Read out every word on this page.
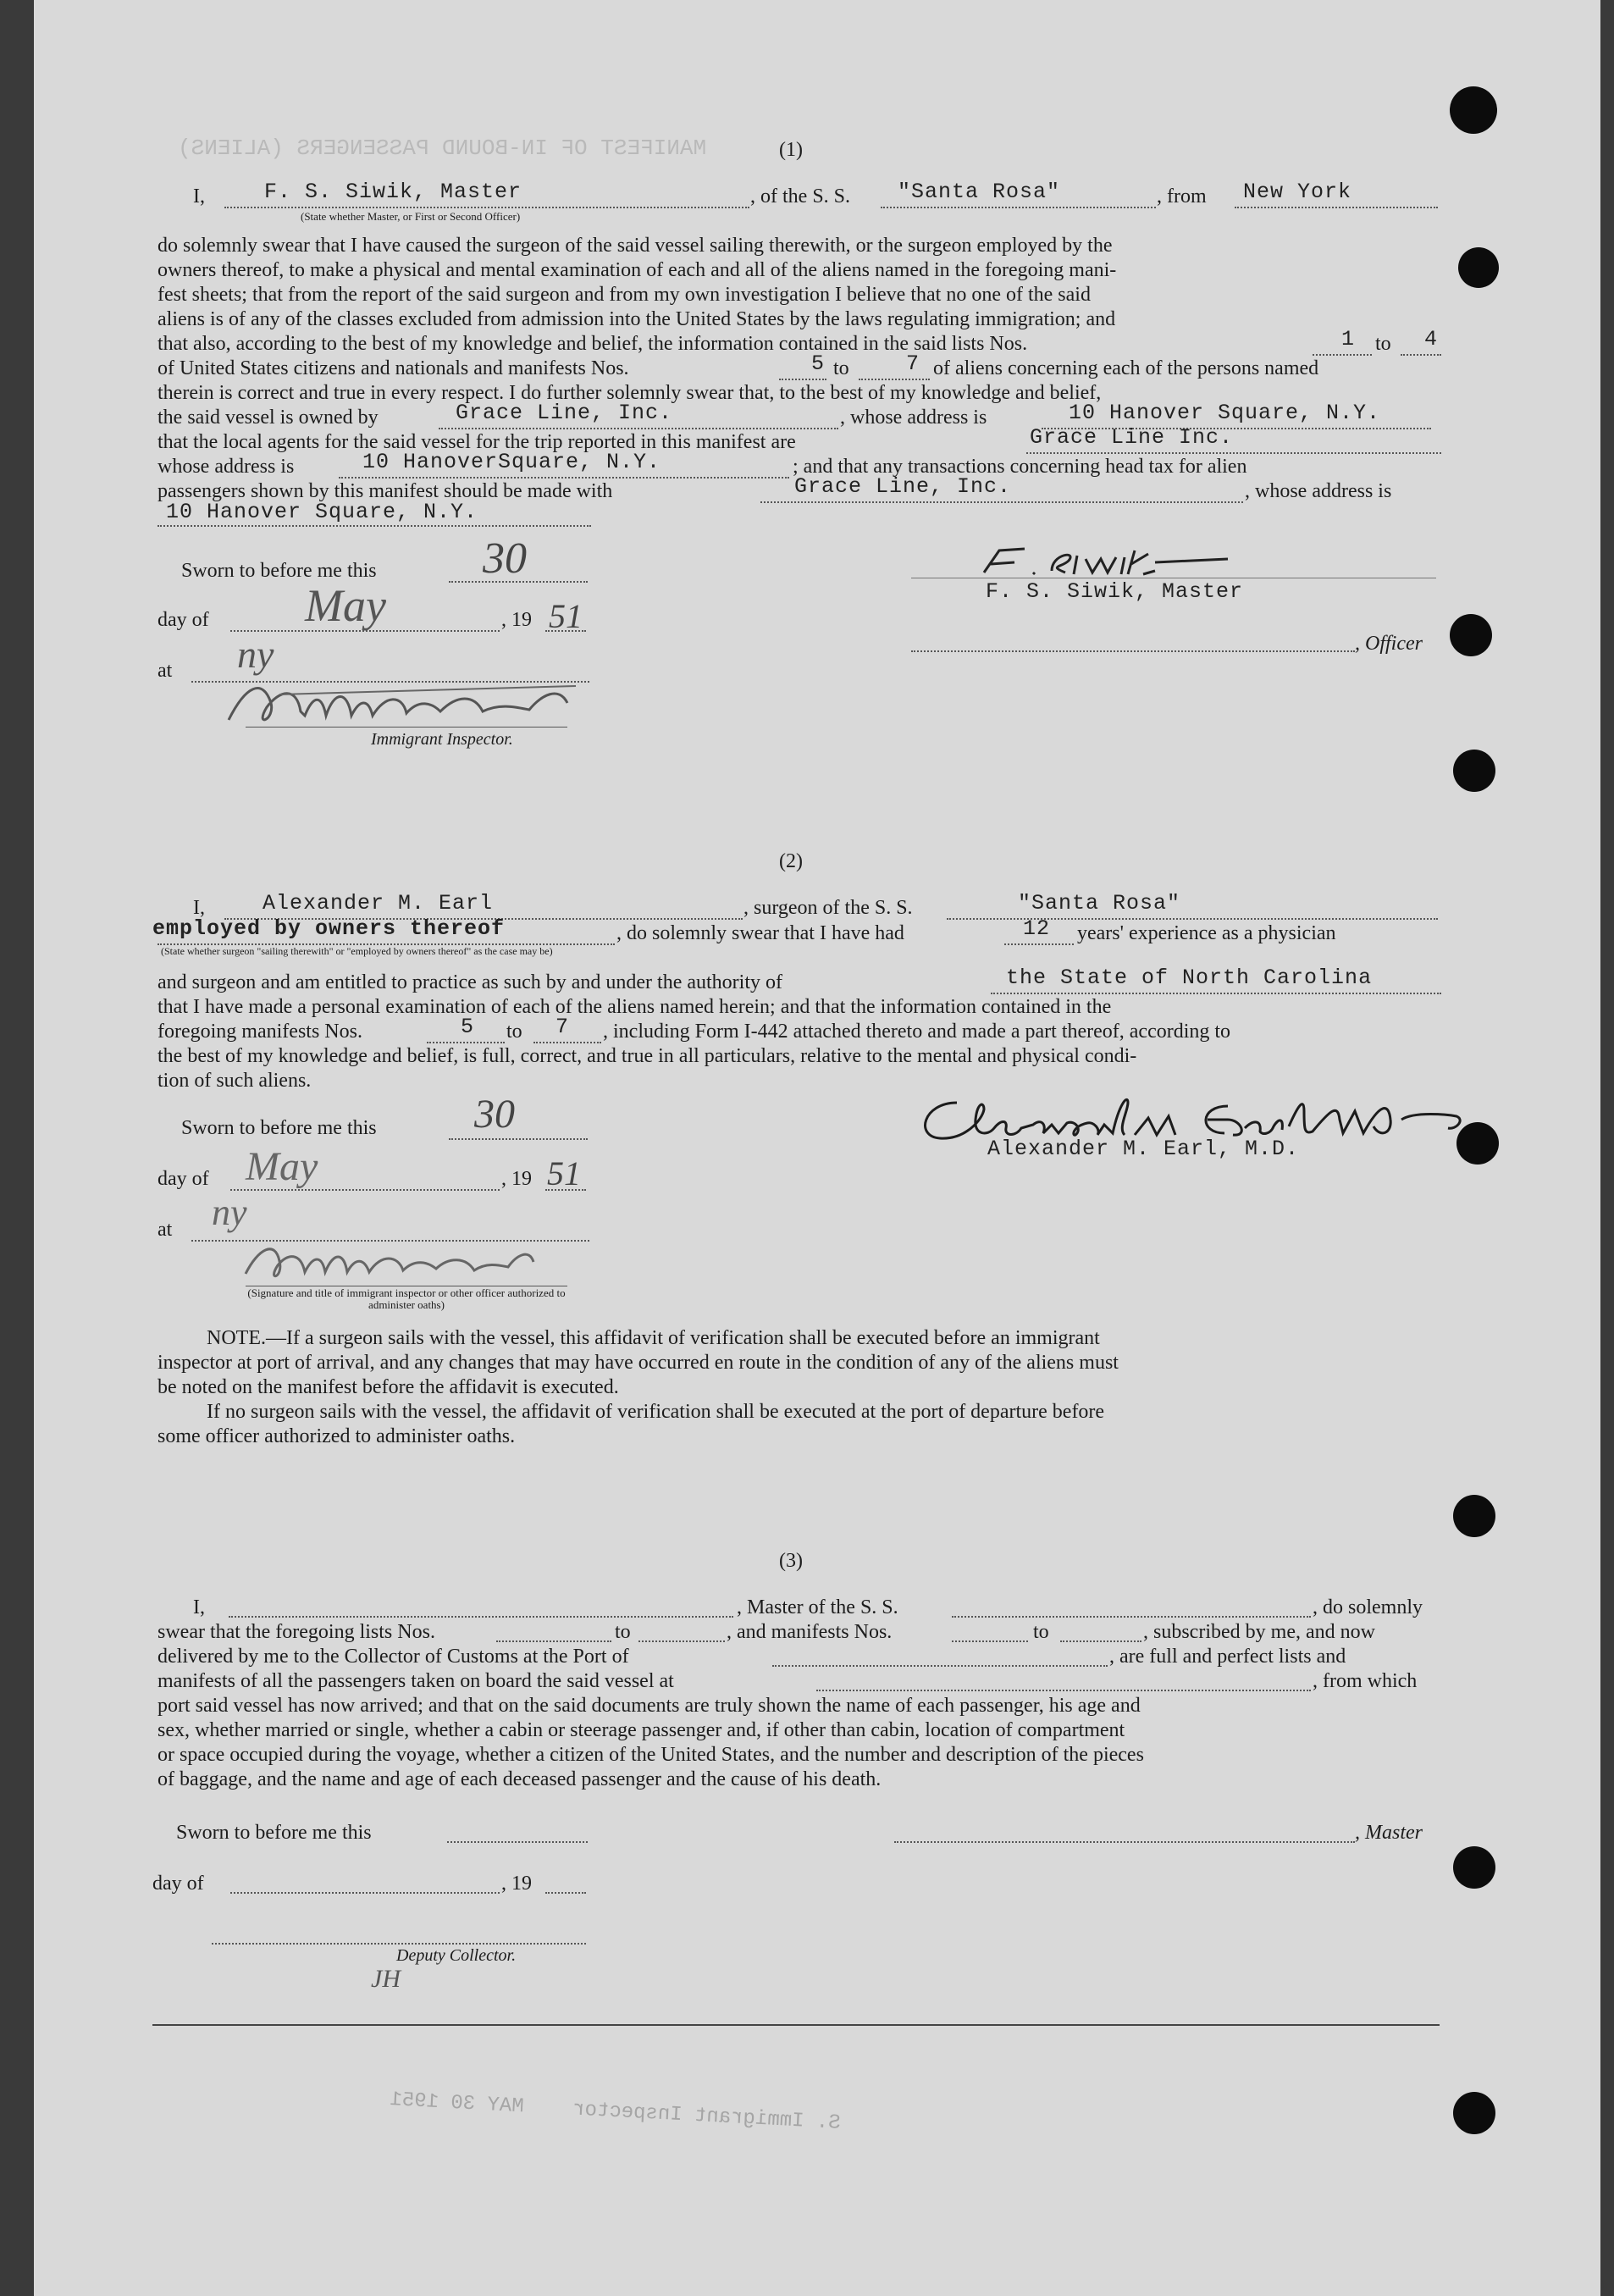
MANIFEST OF IN-BOUND PASSENGERS (ALIENS)	(1)
I,	F. S. Siwik, Master
(State whether Master, or First or Second Officer)
, of the S. S. "Santa Rosa"	, from New York
do solemnly swear that I have caused the surgeon of the said vessel sailing therewith, or the surgeon employed by the
owners thereof, to make a physical and mental examination of each and all of the aliens named in the foregoing mani-
fest sheets; that from the report of the said surgeon and from my own investigation I believe that no one of the said
aliens is of any of the classes excluded from admission into the United States by the laws regulating immigration; and
that also, according to the best of my knowledge and belief, the information contained in the said lists Nos.	1 to 4
of United States citizens and nationals and manifests Nos.	5 to	7 of aliens concerning each of the persons named
therein is correct and true in every respect. I do further solemnly swear that, to the best of my knowledge and belief,
the said vessel is owned by	Grace Line, Inc.	, whose address is	10 Hanover Square, N.Y.
that the local agents for the said vessel for the trip reported in this manifest are	Grace Line Inc.
whose address is	10 HanoverSquare, N.Y.	; and that any transactions concerning head tax for alien
passengers shown by this manifest should be made with	Grace Line, Inc.	, whose address is
10 Hanover Square, N.Y.
Sworn to before me this 30
day of May	, 19 51
at ny
Immigrant Inspector.
F. S. Siwik, Master
, Officer
(2)
I,	Alexander M. Earl	, surgeon of the S. S.	"Santa Rosa"
employed by owners thereof
(State whether surgeon "sailing therewith" or "employed by owners thereof" as the case may be)
, do solemnly swear that I have had	12 years' experience as a physician
and surgeon and am entitled to practice as such by and under the authority of	the State of North Carolina
that I have made a personal examination of each of the aliens named herein; and that the information contained in the
foregoing manifests Nos.	5 to 7 , including Form I-442 attached thereto and made a part thereof, according to
the best of my knowledge and belief, is full, correct, and true in all particulars, relative to the mental and physical condi-
tion of such aliens.
Sworn to before me this 30
day of May	, 19 51
at ny
(Signature and title of immigrant inspector or other officer authorized to administer oaths)
Alexander M. Earl, M.D.
NOTE.—If a surgeon sails with the vessel, this affidavit of verification shall be executed before an immigrant
inspector at port of arrival, and any changes that may have occurred en route in the condition of any of the aliens must
be noted on the manifest before the affidavit is executed.
If no surgeon sails with the vessel, the affidavit of verification shall be executed at the port of departure before
some officer authorized to administer oaths.
(3)
I,	, Master of the S. S.	, do solemnly
swear that the foregoing lists Nos.	to	, and manifests Nos.	to	, subscribed by me, and now
delivered by me to the Collector of Customs at the Port of	, are full and perfect lists and
manifests of all the passengers taken on board the said vessel at	, from which
port said vessel has now arrived; and that on the said documents are truly shown the name of each passenger, his age and
sex, whether married or single, whether a cabin or steerage passenger and, if other than cabin, location of compartment
or space occupied during the voyage, whether a citizen of the United States, and the number and description of the pieces
of baggage, and the name and age of each deceased passenger and the cause of his death.
Sworn to before me this	, Master
day of	, 19
Deputy Collector.
JH
S. Immigrant Inspector    MAY 30 1951
